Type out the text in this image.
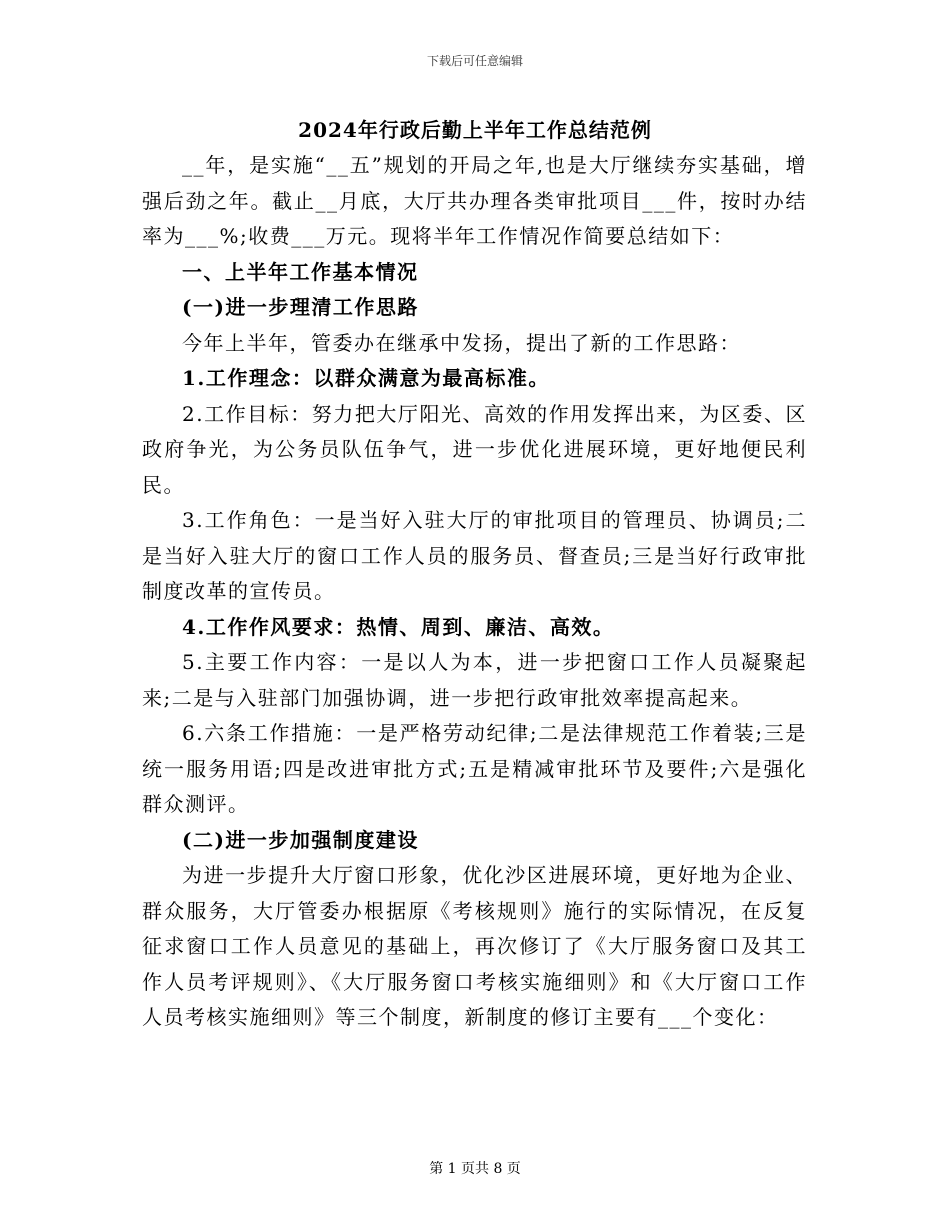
下载后可任意编辑
2024年行政后勤上半年工作总结范例

__年，是实施“__五”规划的开局之年,也是大厅继续夯实基础，增强后劲之年。截止__月底，大厅共办理各类审批项目___件，按时办结率为___%;收费___万元。现将半年工作情况作简要总结如下：

一、上半年工作基本情况

(一)进一步理清工作思路

今年上半年，管委办在继承中发扬，提出了新的工作思路：

1.工作理念：以群众满意为最高标准。

2.工作目标：努力把大厅阳光、高效的作用发挥出来，为区委、区政府争光，为公务员队伍争气，进一步优化进展环境，更好地便民利民。

3.工作角色：一是当好入驻大厅的审批项目的管理员、协调员;二是当好入驻大厅的窗口工作人员的服务员、督查员;三是当好行政审批制度改革的宣传员。

4.工作作风要求：热情、周到、廉洁、高效。

5.主要工作内容：一是以人为本，进一步把窗口工作人员凝聚起来;二是与入驻部门加强协调，进一步把行政审批效率提高起来。

6.六条工作措施：一是严格劳动纪律;二是法律规范工作着装;三是统一服务用语;四是改进审批方式;五是精减审批环节及要件;六是强化群众测评。

(二)进一步加强制度建设

为进一步提升大厅窗口形象，优化沙区进展环境，更好地为企业、群众服务，大厅管委办根据原《考核规则》施行的实际情况，在反复征求窗口工作人员意见的基础上，再次修订了《大厅服务窗口及其工作人员考评规则》、《大厅服务窗口考核实施细则》和《大厅窗口工作人员考核实施细则》等三个制度，新制度的修订主要有___个变化：

第 1 页共 8 页
